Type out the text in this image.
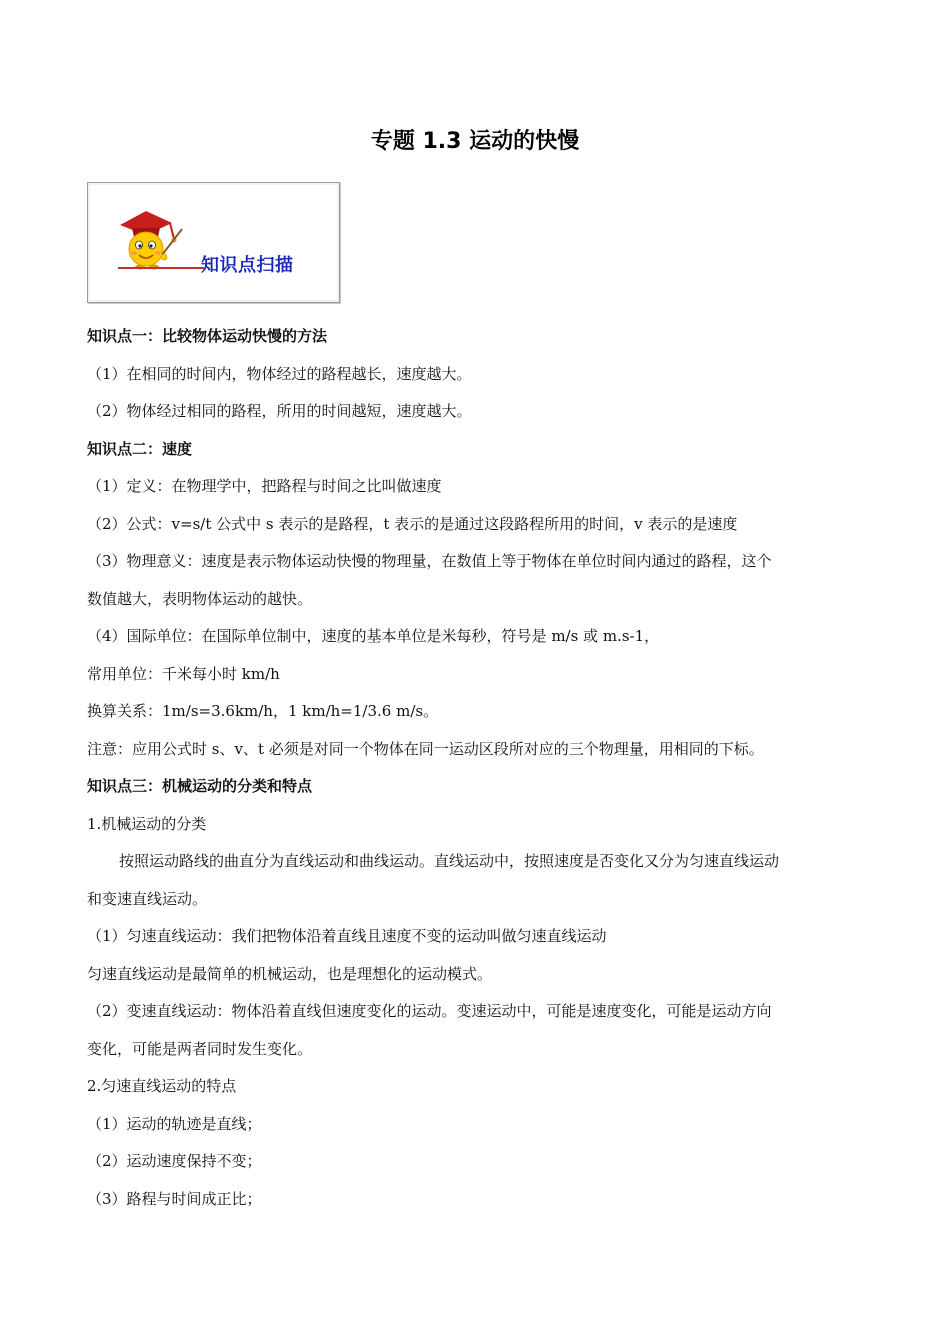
专题 1.3 运动的快慢
知识点扫描
知识点一：比较物体运动快慢的方法
（1）在相同的时间内，物体经过的路程越长，速度越大。
（2）物体经过相同的路程，所用的时间越短，速度越大。
知识点二：速度
（1）定义：在物理学中，把路程与时间之比叫做速度
（2）公式：v=s/t 公式中 s 表示的是路程，t 表示的是通过这段路程所用的时间，v 表示的是速度
（3）物理意义：速度是表示物体运动快慢的物理量，在数值上等于物体在单位时间内通过的路程，这个
数值越大，表明物体运动的越快。
（4）国际单位：在国际单位制中，速度的基本单位是米每秒，符号是 m/s 或 m.s-1，
常用单位：千米每小时 km/h
换算关系：1m/s=3.6km/h，1 km/h=1/3.6 m/s。
注意：应用公式时 s、v、t 必须是对同一个物体在同一运动区段所对应的三个物理量，用相同的下标。
知识点三：机械运动的分类和特点
1.机械运动的分类
按照运动路线的曲直分为直线运动和曲线运动。直线运动中，按照速度是否变化又分为匀速直线运动
和变速直线运动。
（1）匀速直线运动：我们把物体沿着直线且速度不变的运动叫做匀速直线运动
匀速直线运动是最简单的机械运动，也是理想化的运动模式。
（2）变速直线运动：物体沿着直线但速度变化的运动。变速运动中，可能是速度变化，可能是运动方向
变化，可能是两者同时发生变化。
2.匀速直线运动的特点
（1）运动的轨迹是直线；
（2）运动速度保持不变；
（3）路程与时间成正比；
